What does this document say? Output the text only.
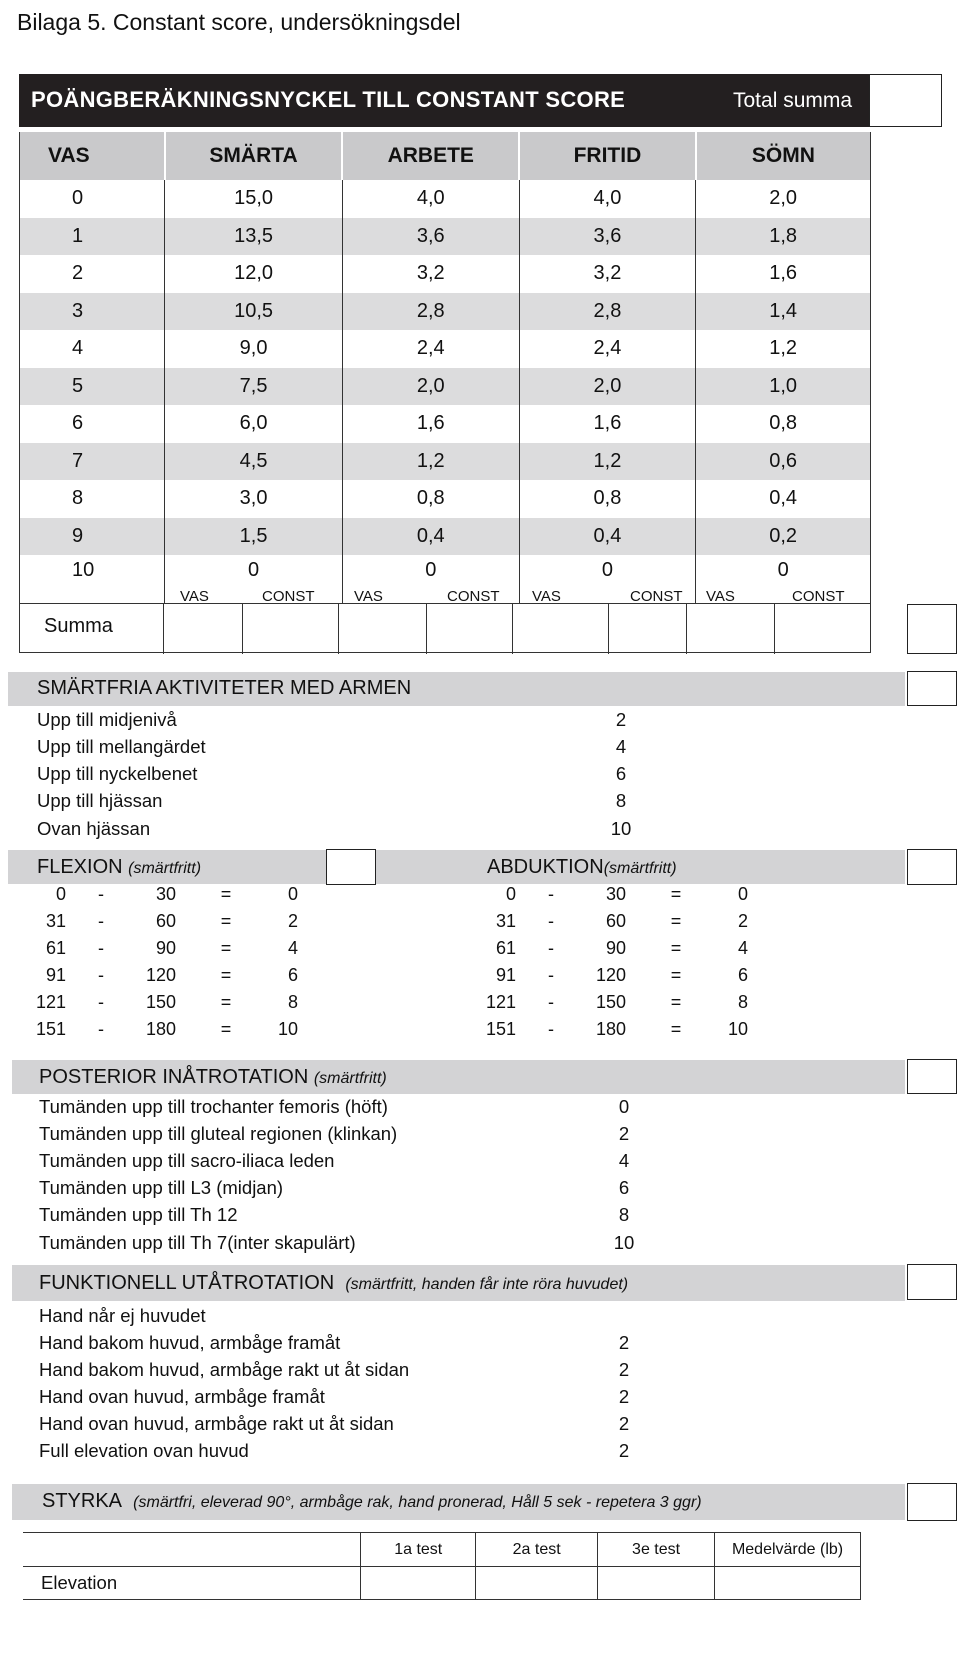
Bilaga 5. Constant score, undersökningsdel
POÄNGBERÄKNINGSNYCKEL TILL CONSTANT SCORE	Total summa
VAS	SMÄRTA	ARBETE	FRITID	SÖMN
0	15,0	4,0	4,0	2,0
1	13,5	3,6	3,6	1,8
2	12,0	3,2	3,2	1,6
3	10,5	2,8	2,8	1,4
4	9,0	2,4	2,4	1,2
5	7,5	2,0	2,0	1,0
6	6,0	1,6	1,6	0,8
7	4,5	1,2	1,2	0,6
8	3,0	0,8	0,8	0,4
9	1,5	0,4	0,4	0,2
10	0	0	0	0
VAS	CONST	VAS	CONST VAS	CONST VAS	CONST
Summa
SMÄRTFRIA AKTIVITETER MED ARMEN
Upp till midjenivå	2
Upp till mellangärdet	4
Upp till nyckelbenet	6
Upp till hjässan	8
Ovan hjässan	10
FLEXION (smärtfritt)	ABDUKTION(smärtfritt)
0 -	30 =	0
31 -	60 =	2
61 -	90 =	4
91 -	120 =	6
121 -	150 =	8
151 -	180 =	10
0 -	30 =	0
31 -	60 =	2
61 -	90 =	4
91 -	120 =	6
121 -	150 =	8
151 -	180 =	10
POSTERIOR INÅTROTATION (smärtfritt)
Tumänden upp till trochanter femoris (höft)	0
Tumänden upp till gluteal regionen (klinkan)	2
Tumänden upp till sacro-iliaca leden	4
Tumänden upp till L3 (midjan)	6
Tumänden upp till Th 12	8
Tumänden upp till Th 7(inter skapulärt)	10
FUNKTIONELL UTÅTROTATION (smärtfritt, handen får inte röra huvudet)
Hand når ej huvudet
Hand bakom huvud, armbåge framåt	2
Hand bakom huvud, armbåge rakt ut åt sidan	2
Hand ovan huvud, armbåge framåt	2
Hand ovan huvud, armbåge rakt ut åt sidan	2
Full elevation ovan huvud	2
STYRKA (smärtfri, eleverad 90°, armbåge rak, hand pronerad, Håll 5 sek - repetera 3 ggr)
	1a test	2a test	3e test	Medelvärde (lb)
Elevation				
